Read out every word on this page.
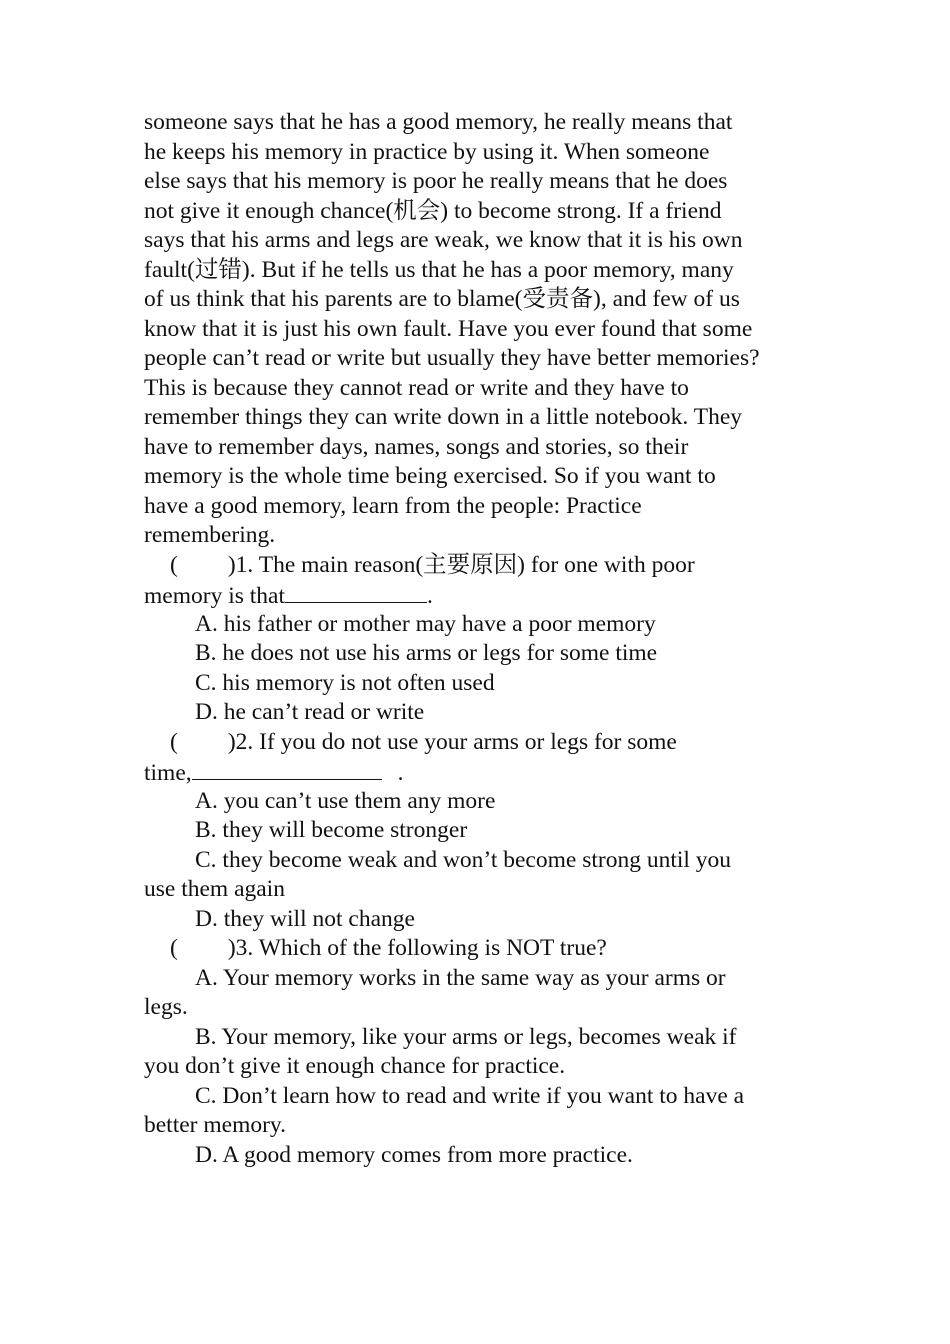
someone says that he has a good memory, he really means that
he keeps his memory in practice by using it. When someone
else says that his memory is poor he really means that he does
not give it enough chance(机会) to become strong. If a friend
says that his arms and legs are weak, we know that it is his own
fault(过错). But if he tells us that he has a poor memory, many
of us think that his parents are to blame(受责备), and few of us
know that it is just his own fault. Have you ever found that some
people can’t read or write but usually they have better memories?
This is because they cannot read or write and they have to
remember things they can write down in a little notebook. They
have to remember days, names, songs and stories, so their
memory is the whole time being exercised. So if you want to
have a good memory, learn from the people: Practice
remembering.
( )1. The main reason(主要原因) for one with poor
memory is that	.
A. his father or mother may have a poor memory
B. he does not use his arms or legs for some time
C. his memory is not often used
D. he can’t read or write
( )2. If you do not use your arms or legs for some
time,	.
A. you can’t use them any more
B. they will become stronger
C. they become weak and won’t become strong until you
use them again
D. they will not change
( )3. Which of the following is NOT true?
A. Your memory works in the same way as your arms or
legs.
B. Your memory, like your arms or legs, becomes weak if
you don’t give it enough chance for practice.
C. Don’t learn how to read and write if you want to have a
better memory.
D. A good memory comes from more practice.
